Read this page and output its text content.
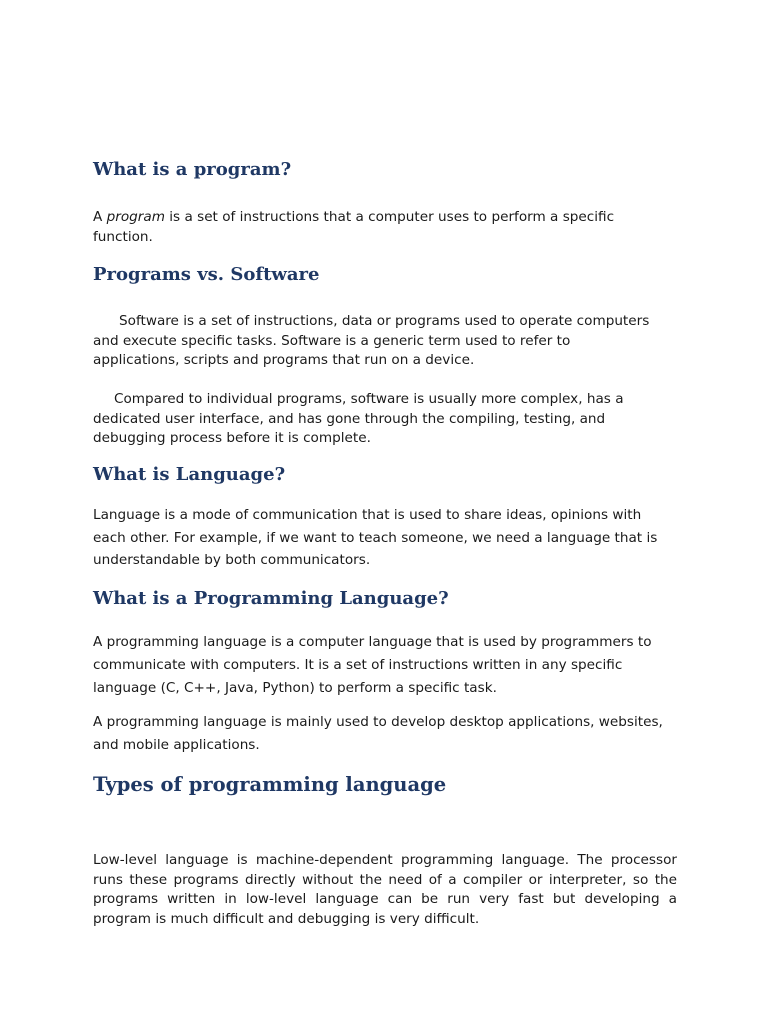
What is a program?
A program is a set of instructions that a computer uses to perform a specific
function.
Programs vs. Software
Software is a set of instructions, data or programs used to operate computers
and execute specific tasks. Software is a generic term used to refer to
applications, scripts and programs that run on a device.
Compared to individual programs, software is usually more complex, has a
dedicated user interface, and has gone through the compiling, testing, and
debugging process before it is complete.
What is Language?
Language is a mode of communication that is used to share ideas, opinions with
each other. For example, if we want to teach someone, we need a language that is
understandable by both communicators.
What is a Programming Language?
A programming language is a computer language that is used by programmers to
communicate with computers. It is a set of instructions written in any specific
language (C, C++, Java, Python) to perform a specific task.
A programming language is mainly used to develop desktop applications, websites,
and mobile applications.
Types of programming language
Low-level language is machine-dependent programming language. The processor
runs these programs directly without the need of a compiler or interpreter, so the
programs written in low-level language can be run very fast but developing a
program is much difficult and debugging is very difficult.
